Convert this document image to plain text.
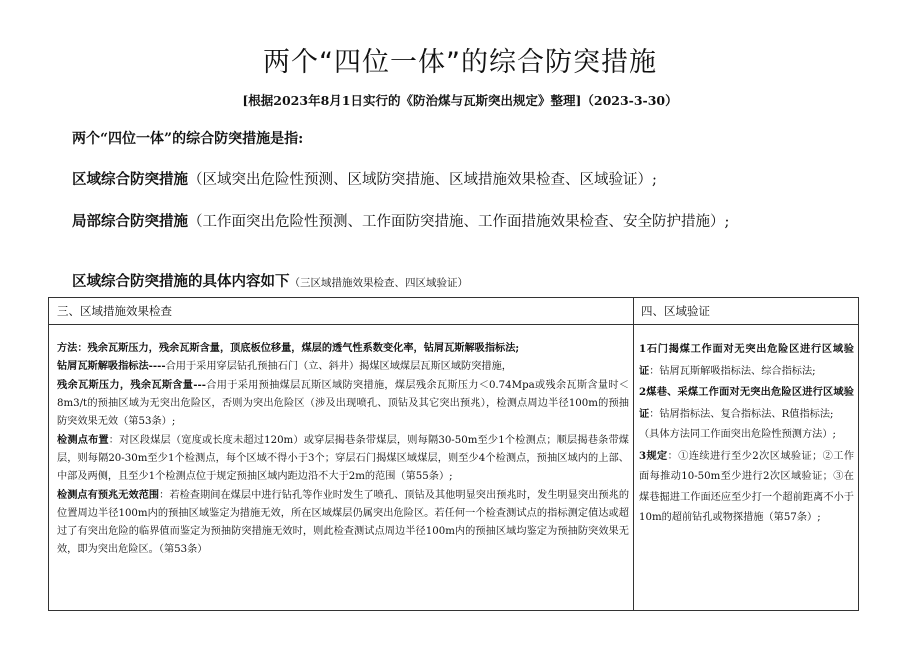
两个“四位一体”的综合防突措施
[根据2023年8月1日实行的《防治煤与瓦斯突出规定》整理]（2023-3-30）
两个“四位一体”的综合防突措施是指:
区域综合防突措施（区域突出危险性预测、区域防突措施、区域措施效果检查、区域验证）;
局部综合防突措施（工作面突出危险性预测、工作面防突措施、工作面措施效果检查、安全防护措施）;
区域综合防突措施的具体内容如下（三区域措施效果检查、四区域验证）
三、区域措施效果检查	四、区域验证

方法：残余瓦斯压力，残余瓦斯含量，顶底板位移量，煤层的透气性系数变化率，钻屑瓦斯解吸指标法;

钻屑瓦斯解吸指标法----合用于采用穿层钻孔预抽石门（立、斜井）揭煤区域煤层瓦斯区域防突措施，

残余瓦斯压力，残余瓦斯含量---合用于采用预抽煤层瓦斯区域防突措施，煤层残余瓦斯压力＜0.74Mpa或残余瓦斯含量时＜8m3/t的预抽区域为无突出危险区，否则为突出危险区（涉及出现喷孔、顶钻及其它突出预兆），检测点周边半径100m的预抽防突效果无效（第53条）;

检测点布置：对区段煤层（宽度或长度未超过120m）或穿层揭巷条带煤层，则每隔30-50m至少1个检测点；顺层揭巷条带煤层，则每隔20-30m至少1个检测点，每个区域不得小于3个；穿层石门揭煤区域煤层，则至少4个检测点，预抽区域内的上部、中部及两侧，且至少1个检测点位于规定预抽区域内距边沿不大于2m的范围（第55条）;

检测点有预兆无效范围：若检查期间在煤层中进行钻孔等作业时发生了喷孔、顶钻及其他明显突出预兆时，发生明显突出预兆的位置周边半径100m内的预抽区域鉴定为措施无效，所在区域煤层仍属突出危险区。若任何一个检查测试点的指标测定值达或超过了有突出危险的临界值而鉴定为预抽防突措施无效时，则此检查测试点周边半径100m内的预抽区域均鉴定为预抽防突效果无效，即为突出危险区。（第53条）

1石门揭煤工作面对无突出危险区进行区域验证：钻屑瓦斯解吸指标法、综合指标法;

2煤巷、采煤工作面对无突出危险区进行区域验证：钻屑指标法、复合指标法、R值指标法;

（具体方法同工作面突出危险性预测方法）;

3规定：①连续进行至少2次区域验证；②工作面每推动10-50m至少进行2次区域验证；③在煤巷掘进工作面还应至少打一个超前距离不小于10m的超前钻孔或物探措施（第57条）;
